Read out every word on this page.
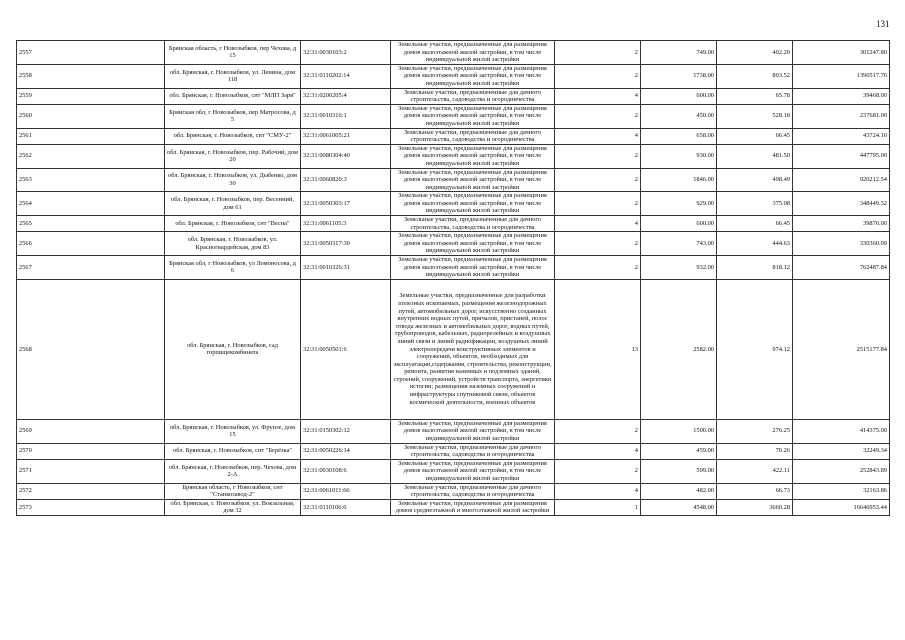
131
2557	Брянская область, г Новозыбков, пер Чехова, д 15	32:31:0030103:2	Земельные участки, предназначенные для размещения домов малоэтажной жилой застройки, в том числе индивидуальной жилой застройки	2	749.00	402.20	301247.80
2558	обл. Брянская, г. Новозыбков, ул. Ленина, дом 118	32:31:0110202:14	Земельные участки, предназначенные для размещения домов малоэтажной жилой застройки, в том числе индивидуальной жилой застройки	2	1738.00	803.52	1396517.76
2559	обл. Брянская, г. Новозыбков, снт "МЛП Заря"	32:31:0200205:4	Земельные участки, предназначенные для дачного строительства, садоводства и огородничества	4	600.00	65.78	39468.00
2560	Брянская обл, г Новозыбков, пер Матросова, д 5	32:31:0010316:1	Земельные участки, предназначенные для размещения домов малоэтажной жилой застройки, в том числе индивидуальной жилой застройки	2	450.00	528.18	237681.00
2561	обл. Брянская, г. Новозыбков, снт "СМУ-2"	32:31:0061005:21	Земельные участки, предназначенные для дачного строительства, садоводства и огородничества	4	658.00	66.45	43724.10
2562	обл. Брянская, г. Новозыбков, пер. Рабочий, дом 20	32:31:0080304:40	Земельные участки, предназначенные для размещения домов малоэтажной жилой застройки, в том числе индивидуальной жилой застройки	2	930.00	481.50	447795.00
2563	обл. Брянская, г. Новозыбков, ул. Дыбенко, дом 30	32:31:0060820:3	Земельные участки, предназначенные для размещения домов малоэтажной жилой застройки, в том числе индивидуальной жилой застройки	2	1846.00	498.49	920212.54
2564	обл. Брянская, г. Новозыбков, пер. Весенний, дом 61	32:31:0050303:17	Земельные участки, предназначенные для размещения домов малоэтажной жилой застройки, в том числе индивидуальной жилой застройки	2	929.00	375.08	348449.32
2565	обл. Брянская, г. Новозыбков, снт "Весна"	32:31:0061105:3	Земельные участки, предназначенные для дачного строительства, садоводства и огородничества	4	600.00	66.45	39870.00
2566	обл. Брянская, г. Новозыбков, ул. Красногвардейская, дом 83	32:31:0050317:30	Земельные участки, предназначенные для размещения домов малоэтажной жилой застройки, в том числе индивидуальной жилой застройки	2	743.00	444.63	330360.09
2567	Брянская обл, г Новозыбков, ул Ломоносова, д 6	32:31:0010326:31	Земельные участки, предназначенные для размещения домов малоэтажной жилой застройки, в том числе индивидуальной жилой застройки	2	932.00	818.12	762487.84
2568	обл. Брянская, г. Новозыбков, сад горпищекомбината	32:31:0050501:6	Земельные участки, предназначенные для разработки полезных ископаемых, размещения железнодорожных путей, автомобильных дорог, искусственно созданных внутренних водных путей, причалов, пристаней, полос отвода железных и автомобильных дорог, водных путей, трубопроводов, кабельных, радиорелейных и воздушных линий связи и линий радиофикации, воздушных линий электропередачи конструктивных элементов и сооружений, объектов, необходимых для эксплуатации,содержания, строительства, реконструкции, ремонта, развития наземных и подземных зданий, строений, сооружений, устройств транспорта, энергетики истогии; размещения наземных сооружений и инфраструктуры спутниковой связи, объектов космической деятельности, военных объектов	13	2582.00	974.12	2515177.84
2569	обл. Брянская, г. Новозыбков, ул. Фрунзе, дом 15	32:31:0150302:12	Земельные участки, предназначенные для размещения домов малоэтажной жилой застройки, в том числе индивидуальной жилой застройки	2	1500.00	276.25	414375.00
2570	обл. Брянская, г. Новозыбков, снт "Берёзка"	32:31:0050226:14	Земельные участки, предназначенные для дачного строительства, садоводства и огородничества	4	459.00	70.26	32249.34
2571	обл. Брянская, г. Новозыбков, пер. Чехова, дом 2-А	32:31:0030108:6	Земельные участки, предназначенные для размещения домов малоэтажной жилой застройки, в том числе индивидуальной жилой застройки	2	599.00	422.11	252843.89
2572	Брянская область, г Новозыбков, снт "Станкозавод-2"	32:31:0061011:66	Земельные участки, предназначенные для дачного строительства, садоводства и огородничества	4	482.00	66.73	32163.86
2573	обл. Брянская, г. Новозыбков, ул. Вокзальная, дом 32	32:31:0110106:6	Земельные участки, предназначенные для размещения домов среднеэтажной и многоэтажной жилой застройки	1	4548.00	3660.28	16646953.44
